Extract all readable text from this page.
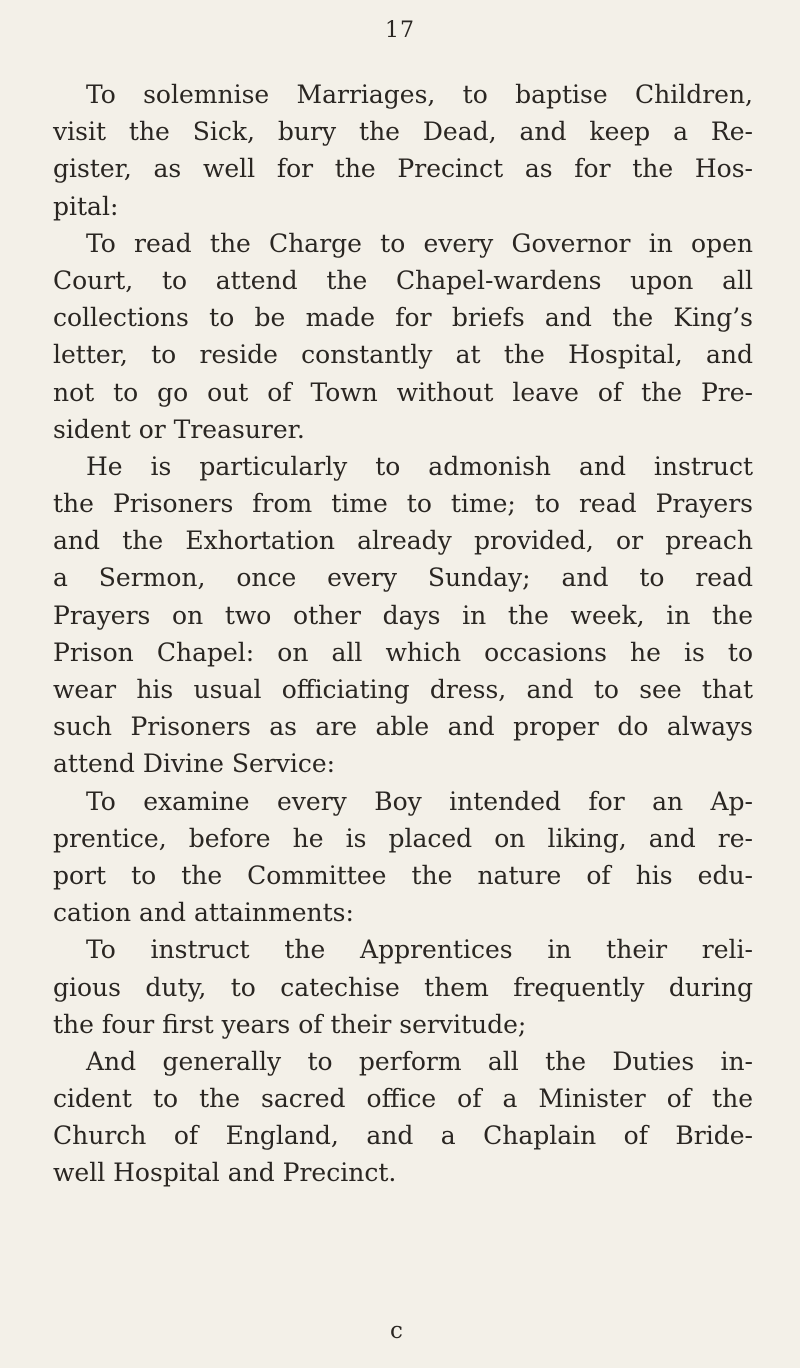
17
To solemnise Marriages, to baptise Children,
visit the Sick, bury the Dead, and keep a Re-
gister, as well for the Precinct as for the Hos-
pital:
To read the Charge to every Governor in open
Court, to attend the Chapel-wardens upon all
collections to be made for briefs and the King’s
letter, to reside constantly at the Hospital, and
not to go out of Town without leave of the Pre-
sident or Treasurer.
He is particularly to admonish and instruct
the Prisoners from time to time; to read Prayers
and the Exhortation already provided, or preach
a Sermon, once every Sunday; and to read
Prayers on two other days in the week, in the
Prison Chapel: on all which occasions he is to
wear his usual officiating dress, and to see that
such Prisoners as are able and proper do always
attend Divine Service:
To examine every Boy intended for an Ap-
prentice, before he is placed on liking, and re-
port to the Committee the nature of his edu-
cation and attainments:
To instruct the Apprentices in their reli-
gious duty, to catechise them frequently during
the four first years of their servitude;
And generally to perform all the Duties in-
cident to the sacred office of a Minister of the
Church of England, and a Chaplain of Bride-
well Hospital and Precinct.
c
